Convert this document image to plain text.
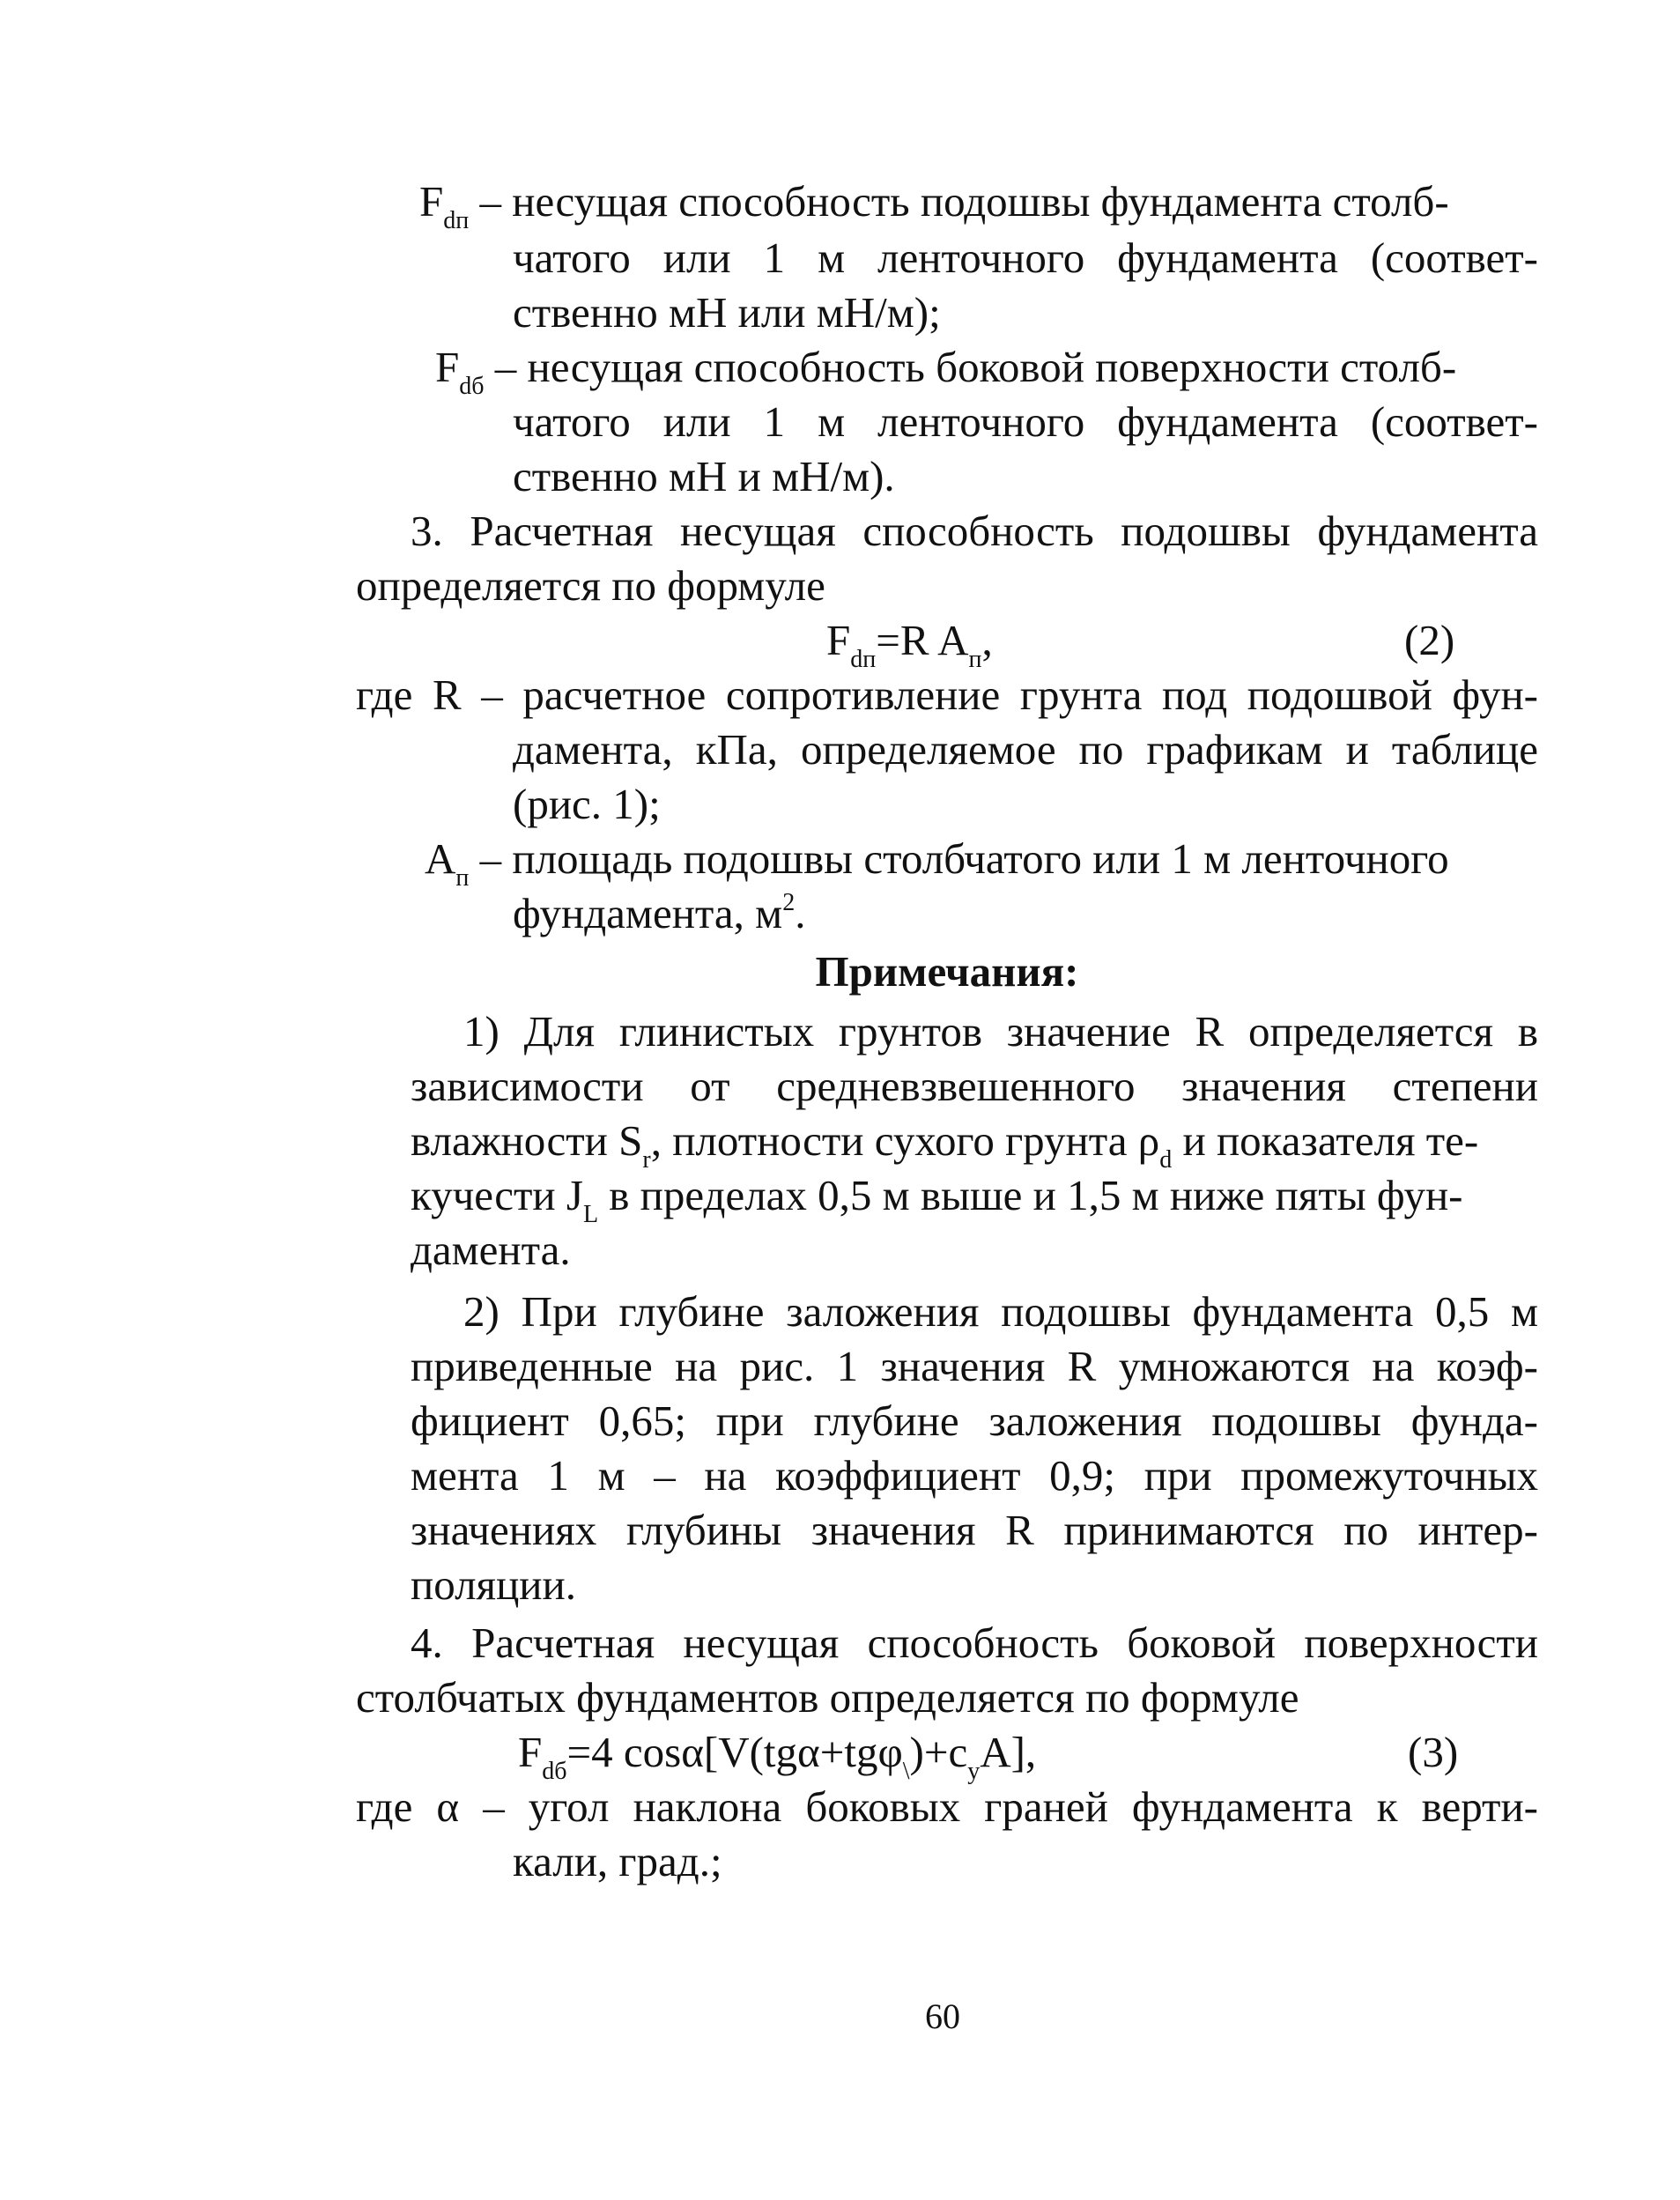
$F_{dп}$ – несущая способность подошвы фундамента столб-
чатого или 1 м ленточного фундамента (соответ-
ственно мН или мН/м);
$F_{dб}$ – несущая способность боковой поверхности столб-
чатого или 1 м ленточного фундамента (соответ-
ственно мН и мН/м).
3. Расчетная несущая способность подошвы фундамента
определяется по формуле
$F_{dп}=R$ $A_п$,	(2)
где R – расчетное сопротивление грунта под подошвой фун-
дамента, кПа, определяемое по графикам и таблице
(рис. 1);
$A_п$ – площадь подошвы столбчатого или 1 м ленточного
фундамента, $м^2$.
Примечания:
1) Для глинистых грунтов значение R определяется в
зависимости от средневзвешенного значения степени
влажности $S_r$, плотности сухого грунта $\rho_d$ и показателя те-
кучести $J_L$ в пределах 0,5 м выше и 1,5 м ниже пяты фун-
дамента.
2) При глубине заложения подошвы фундамента 0,5 м
приведенные на рис. 1 значения R умножаются на коэф-
фициент 0,65; при глубине заложения подошвы фунда-
мента 1 м – на коэффициент 0,9; при промежуточных
значениях глубины значения R принимаются по интер-
поляции.
4. Расчетная несущая способность боковой поверхности
столбчатых фундаментов определяется по формуле
$F_{dб}=4$ $\cos\alpha[V(tg\alpha+tg\varphi_\backslash)+c_yA]$,	(3)
где α – угол наклона боковых граней фундамента к верти-
кали, град.;
60
